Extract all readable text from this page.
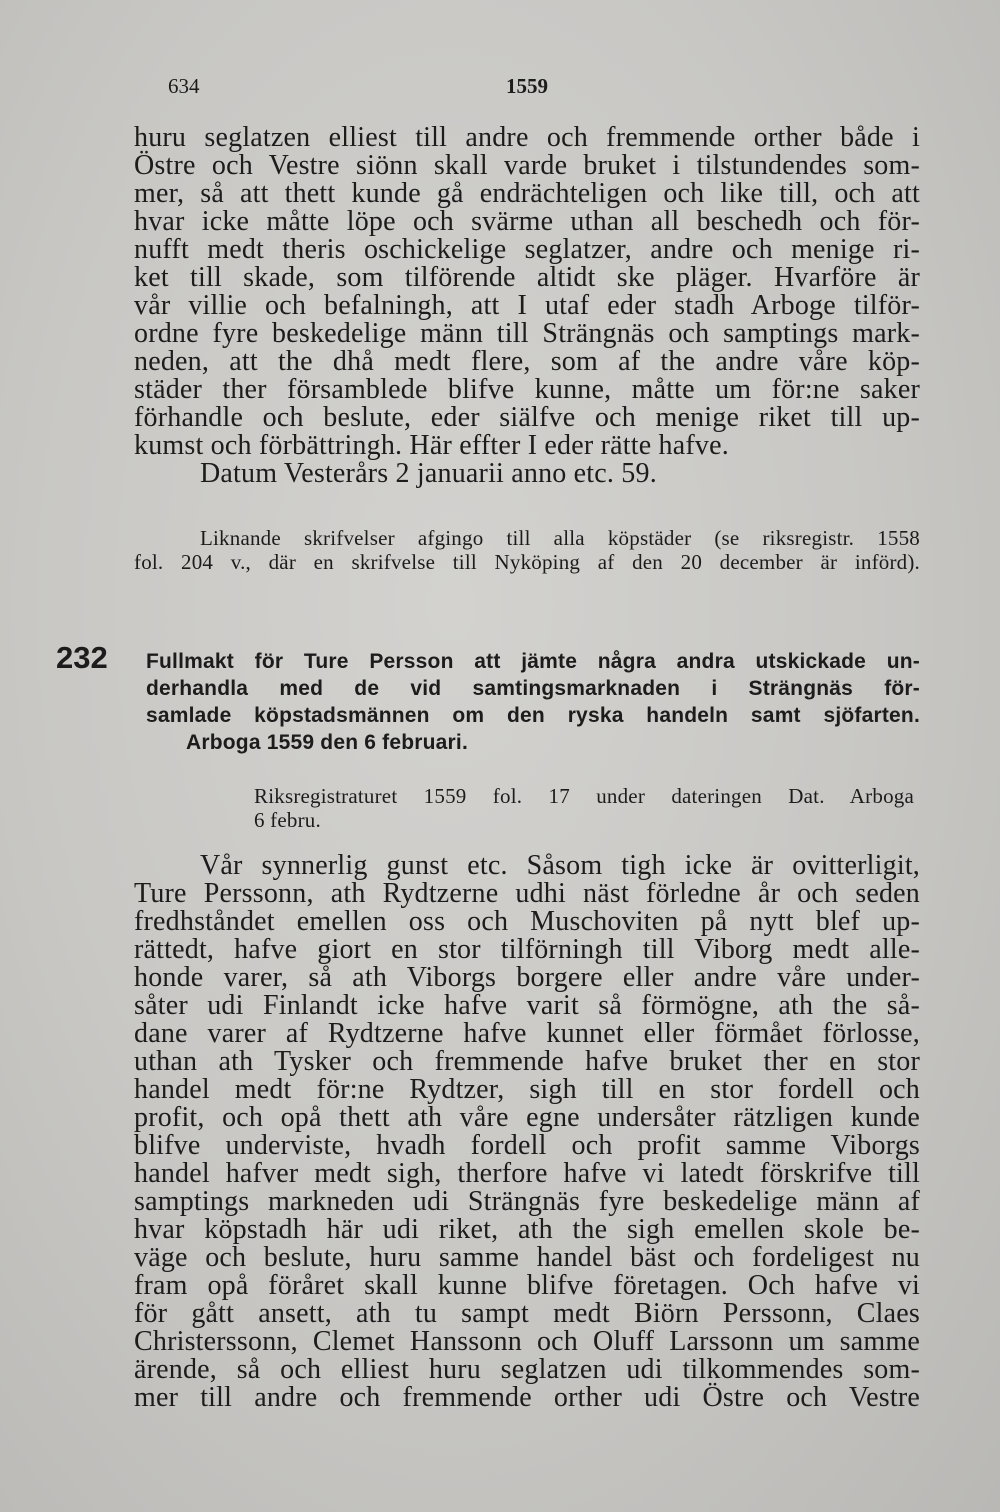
634	1559
huru seglatzen elliest till andre och fremmende orther både i
Östre och Vestre siönn skall varde bruket i tilstundendes som-
mer, så att thett kunde gå endrächteligen och like till, och att
hvar icke måtte löpe och svärme uthan all beschedh och för-
nufft medt theris oschickelige seglatzer, andre och menige ri-
ket till skade, som tilförende altidt ske pläger. Hvarföre är
vår villie och befalningh, att I utaf eder stadh Arboge tilför-
ordne fyre beskedelige männ till Strängnäs och samptings mark-
neden, att the dhå medt flere, som af the andre våre köp-
städer ther församblede blifve kunne, måtte um för:ne saker
förhandle och beslute, eder siälfve och menige riket till up-
kumst och förbättringh. Här effter I eder rätte hafve.
Datum Vesterårs 2 januarii anno etc. 59.
Liknande skrifvelser afgingo till alla köpstäder (se riksregistr. 1558
fol. 204 v., där en skrifvelse till Nyköping af den 20 december är införd).
232 Fullmakt för Ture Persson att jämte några andra utskickade un-
derhandla med de vid samtingsmarknaden i Strängnäs för-
samlade köpstadsmännen om den ryska handeln samt sjöfarten.
Arboga 1559 den 6 februari.
Riksregistraturet 1559 fol. 17 under dateringen Dat. Arboga
6 febru.
Vår synnerlig gunst etc. Såsom tigh icke är ovitterligit,
Ture Perssonn, ath Rydtzerne udhi näst förledne år och seden
fredhståndet emellen oss och Muschoviten på nytt blef up-
rättedt, hafve giort en stor tilförningh till Viborg medt alle-
honde varer, så ath Viborgs borgere eller andre våre under-
såter udi Finlandt icke hafve varit så förmögne, ath the så-
dane varer af Rydtzerne hafve kunnet eller förmået förlosse,
uthan ath Tysker och fremmende hafve bruket ther en stor
handel medt för:ne Rydtzer, sigh till en stor fordell och
profit, och opå thett ath våre egne undersåter rätzligen kunde
blifve underviste, hvadh fordell och profit samme Viborgs
handel hafver medt sigh, therfore hafve vi latedt förskrifve till
samptings markneden udi Strängnäs fyre beskedelige männ af
hvar köpstadh här udi riket, ath the sigh emellen skole be-
väge och beslute, huru samme handel bäst och fordeligest nu
fram opå föråret skall kunne blifve företagen. Och hafve vi
för gått ansett, ath tu sampt medt Biörn Perssonn, Claes
Christerssonn, Clemet Hanssonn och Oluff Larssonn um samme
ärende, så och elliest huru seglatzen udi tilkommendes som-
mer till andre och fremmende orther udi Östre och Vestre
